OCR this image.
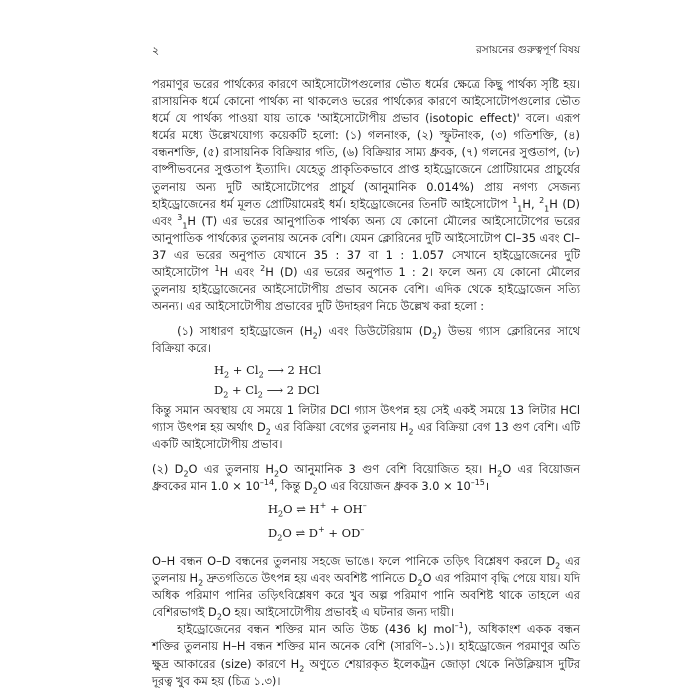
২	রসায়নের গুরুত্বপূর্ণ বিষয়

পরমাণুর ভরের পার্থক্যের কারণে আইসোটোপগুলোর ভৌত ধর্মের ক্ষেত্রে কিছু পার্থক্য সৃষ্টি হয়। রাসায়নিক ধর্মে কোনো পার্থক্য না থাকলেও ভরের পার্থক্যের কারণে আইসোটোপগুলোর ভৌত ধর্মে যে পার্থক্য পাওয়া যায় তাকে 'আইসোটোপীয় প্রভাব (isotopic effect)' বলে। এরূপ ধর্মের মধ্যে উল্লেখযোগ্য কয়েকটি হলো: (১) গলনাংক, (২) স্ফুটনাংক, (৩) গতিশক্তি, (৪) বন্ধনশক্তি, (৫) রাসায়নিক বিক্রিয়ার গতি, (৬) বিক্রিয়ার সাম্য ধ্রুবক, (৭) গলনের সুপ্ততাপ, (৮) বাষ্পীভবনের সুপ্ততাপ ইত্যাদি। যেহেতু প্রাকৃতিকভাবে প্রাপ্ত হাইড্রোজেনে প্রোটিয়ামের প্রাচুর্যের তুলনায় অন্য দুটি আইসোটোপের প্রাচুর্য (আনুমানিক 0.014%) প্রায় নগণ্য সেজন্য হাইড্রোজেনের ধর্ম মূলত প্রোটিয়ামেরই ধর্ম। হাইড্রোজেনের তিনটি আইসোটোপ $^1_1$H, $^2_1$H (D) এবং $^3_1$H (T) এর ভরের আনুপাতিক পার্থক্য অন্য যে কোনো মৌলের আইসোটোপের ভরের আনুপাতিক পার্থক্যের তুলনায় অনেক বেশি। যেমন ক্লোরিনের দুটি আইসোটোপ Cl–35 এবং Cl–37 এর ভরের অনুপাত যেখানে 35 : 37 বা 1 : 1.057 সেখানে হাইড্রোজেনের দুটি আইসোটোপ $^1$H এবং $^2$H (D) এর ভরের অনুপাত 1 : 2। ফলে অন্য যে কোনো মৌলের তুলনায় হাইড্রোজেনের আইসোটোপীয় প্রভাব অনেক বেশি। এদিক থেকে হাইড্রোজেন সত্যি অনন্য। এর আইসোটোপীয় প্রভাবের দুটি উদাহরণ নিচে উল্লেখ করা হলো :

(১) সাধারণ হাইড্রোজেন $(H_2)$ এবং ডিউটেরিয়াম $(D_2)$ উভয় গ্যাস ক্লোরিনের সাথে বিক্রিয়া করে।

$H_2 + Cl_2$ ⟶ 2 HCl
$D_2 + Cl_2$ ⟶ 2 DCl

কিন্তু সমান অবস্থায় যে সময়ে 1 লিটার DCl গ্যাস উৎপন্ন হয় সেই একই সময়ে 13 লিটার HCl গ্যাস উৎপন্ন হয় অর্থাৎ $D_2$ এর বিক্রিয়া বেগের তুলনায় $H_2$ এর বিক্রিয়া বেগ 13 গুণ বেশি। এটি একটি আইসোটোপীয় প্রভাব।

(২) $D_2O$ এর তুলনায় $H_2O$ আনুমানিক 3 গুণ বেশি বিয়োজিত হয়। $H_2O$ এর বিয়োজন ধ্রুবকের মান $1.0 \times 10^{-14}$, কিন্তু $D_2O$ এর বিয়োজন ধ্রুবক $3.0 \times 10^{-15}।$

$H_2O$ ⇌ H+ + OH–
$D_2O$ ⇌ D+ + OD–

O–H বন্ধন O–D বন্ধনের তুলনায় সহজে ভাঙে। ফলে পানিকে তড়িৎ বিশ্লেষণ করলে $D_2$ এর তুলনায় $H_2$ দ্রুতগতিতে উৎপন্ন হয় এবং অবশিষ্ট পানিতে $D_2O$ এর পরিমাণ বৃদ্ধি পেয়ে যায়। যদি অধিক পরিমাণ পানির তড়িৎবিশ্লেষণ করে খুব অল্প পরিমাণ পানি অবশিষ্ট থাকে তাহলে এর বেশিরভাগই $D_2O$ হয়। আইসোটোপীয় প্রভাবই এ ঘটনার জন্য দায়ী।

হাইড্রোজেনের বন্ধন শক্তির মান অতি উচ্চ (436 kJ mol$^{-1}$), অধিকাংশ একক বন্ধন শক্তির তুলনায় H–H বন্ধন শক্তির মান অনেক বেশি (সারণি–১.১)। হাইড্রোজেন পরমাণুর অতি ক্ষুদ্র আকারের (size) কারণে $H_2$ অণুতে শেয়ারকৃত ইলেকট্রন জোড়া থেকে নিউক্লিয়াস দুটির দূরত্ব খুব কম হয় (চিত্র ১.৩)।
